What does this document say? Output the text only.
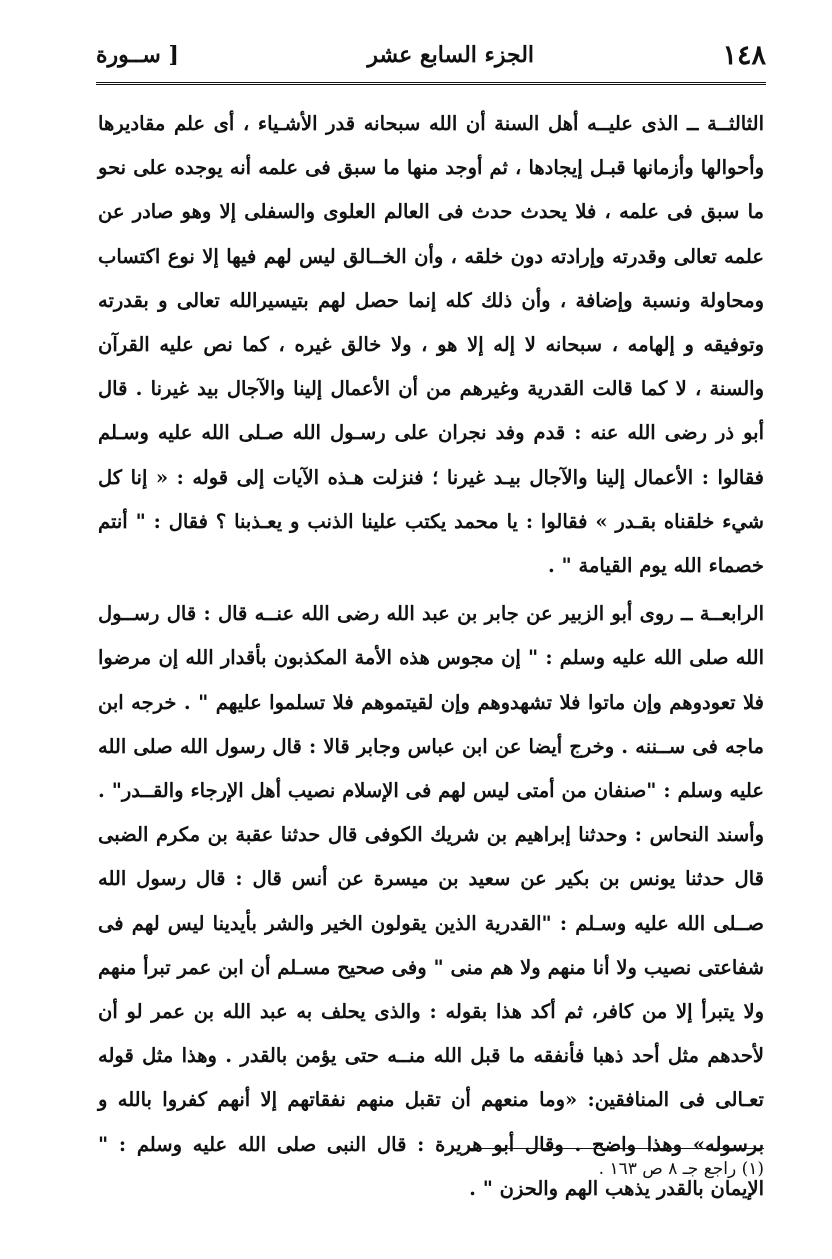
١٤٨
الجزء السابع عشر
[ ســورة

الثالثــة ــ الذى عليــه أهل السنة أن الله سبحانه قدر الأشـياء ، أى علم مقاديرها وأحوالها وأزمانها قبـل إيجادها ، ثم أوجد منها ما سبق فى علمه أنه يوجده على نحو ما سبق فى علمه ، فلا يحدث حدث فى العالم العلوى والسفلى إلا وهو صادر عن علمه تعالى وقدرته وإرادته دون خلقه ، وأن الخــالق ليس لهم فيها إلا نوع اكتساب ومحاولة ونسبة وإضافة ، وأن ذلك كله إنما حصل لهم بتيسيرالله تعالى و بقدرته وتوفيقه و إلهامه ، سبحانه لا إله إلا هو ، ولا خالق غيره ، كما نص عليه القرآن والسنة ، لا كما قالت القدرية وغيرهم من أن الأعمال إلينا والآجال بيد غيرنا . قال أبو ذر رضى الله عنه : قدم وفد نجران على رسـول الله صـلى الله عليه وسـلم فقالوا : الأعمال إلينا والآجال بيـد غيرنا ؛ فنزلت هـذه الآيات إلى قوله : « إنا كل شيء خلقناه بقـدر » فقالوا : يا محمد يكتب علينا الذنب و يعـذبنا ؟ فقال : " أنتم خصماء الله يوم القيامة " .

الرابعــة ــ روى أبو الزبير عن جابر بن عبد الله رضى الله عنــه قال : قال رســول الله صلى الله عليه وسلم : " إن مجوس هذه الأمة المكذبون بأقدار الله إن مرضوا فلا تعودوهم وإن ماتوا فلا تشهدوهم وإن لقيتموهم فلا تسلموا عليهم " . خرجه ابن ماجه فى ســننه . وخرج أيضا عن ابن عباس وجابر قالا : قال رسول الله صلى الله عليه وسلم : "صنفان من أمتى ليس لهم فى الإسلام نصيب أهل الإرجاء والقــدر" . وأسند النحاس : وحدثنا إبراهيم بن شريك الكوفى قال حدثنا عقبة بن مكرم الضبى قال حدثنا يونس بن بكير عن سعيد بن ميسرة عن أنس قال : قال رسول الله صــلى الله عليه وسـلم : "القدرية الذين يقولون الخير والشر بأيدينا ليس لهم فى شفاعتى نصيب ولا أنا منهم ولا هم منى " وفى صحيح مسـلم أن ابن عمر تبرأ منهم ولا يتبرأ إلا من كافر، ثم أكد هذا بقوله : والذى يحلف به عبد الله بن عمر لو أن لأحدهم مثل أحد ذهبا فأنفقه ما قبل الله منــه حتى يؤمن بالقدر . وهذا مثل قوله تعـالى فى المنافقين: «وما منعهم أن تقبل منهم نفقاتهم إلا أنهم كفروا بالله و برسوله» وهذا واضح . وقال أبو هريرة : قال النبى صلى الله عليه وسلم : " الإيمان بالقدر يذهب الهم والحزن " .

(١) راجع جـ ٨ ص ١٦٣ .
